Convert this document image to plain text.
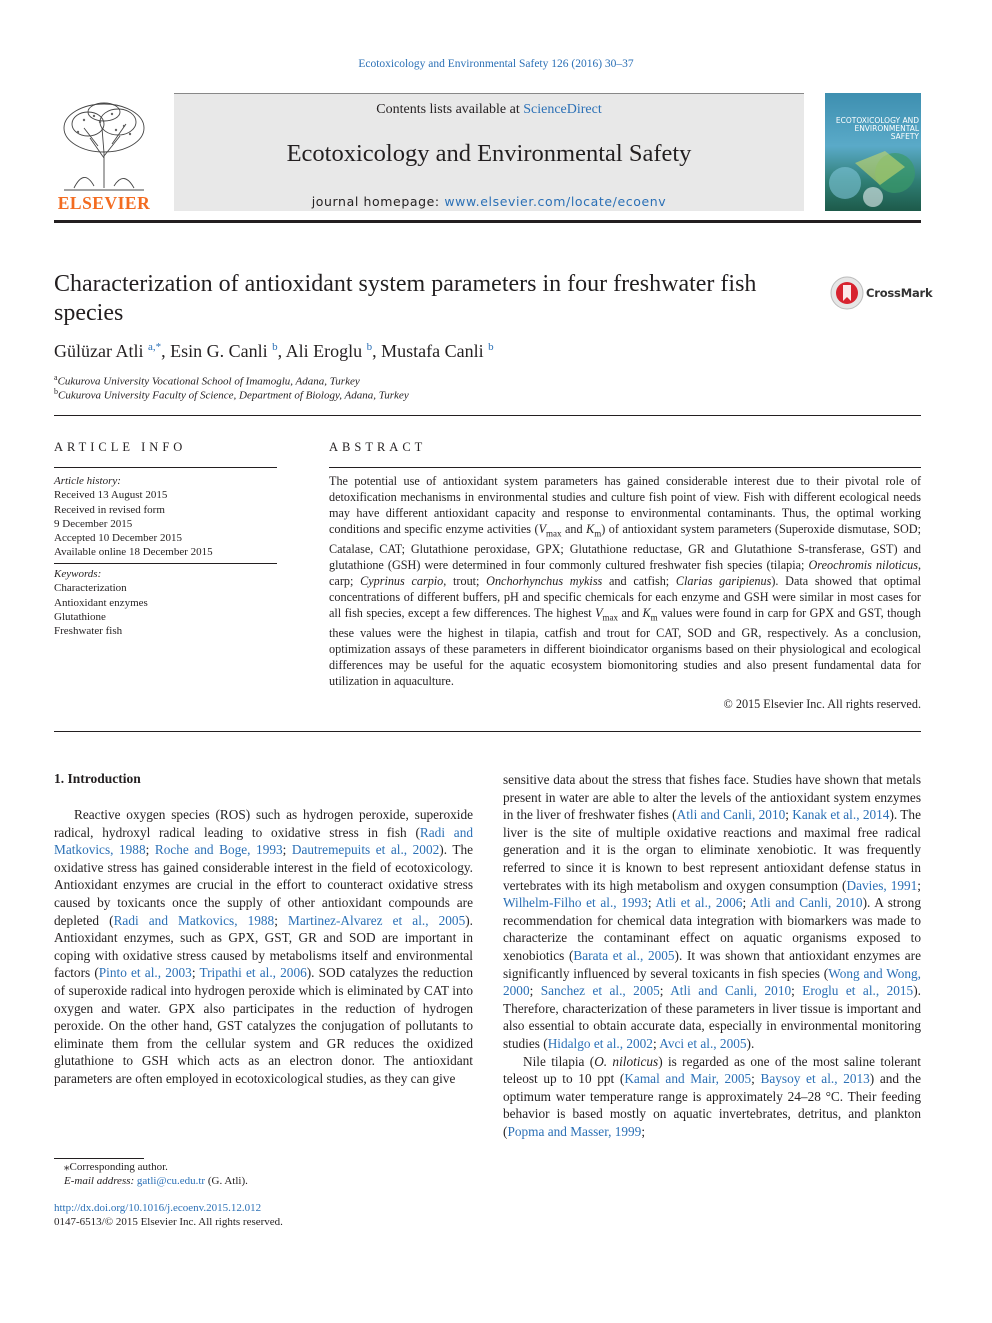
Ecotoxicology and Environmental Safety 126 (2016) 30–37
ELSEVIER
Contents lists available at ScienceDirect
Ecotoxicology and Environmental Safety
journal homepage: www.elsevier.com/locate/ecoenv
ECOTOXICOLOGY AND ENVIRONMENTAL SAFETY
Characterization of antioxidant system parameters in four freshwater fish species
CrossMark
Gülüzar Atli $^{a,*}$, Esin G. Canli $^b$, Ali Eroglu $^b$, Mustafa Canli $^b$
$^a$Cukurova University Vocational School of Imamoglu, Adana, Turkey
$^b$Cukurova University Faculty of Science, Department of Biology, Adana, Turkey
ARTICLE INFO	ABSTRACT
Article history:
Received 13 August 2015
Received in revised form
9 December 2015
Accepted 10 December 2015
Available online 18 December 2015
Keywords:
Characterization
Antioxidant enzymes
Glutathione
Freshwater fish
The potential use of antioxidant system parameters has gained considerable interest due to their pivotal role of detoxification mechanisms in environmental studies and culture fish point of view. Fish with different ecological needs may have different antioxidant capacity and response to environmental contaminants. Thus, the optimal working conditions and specific enzyme activities ($V_{max}$ and $K_m$) of antioxidant system parameters (Superoxide dismutase, SOD; Catalase, CAT; Glutathione peroxidase, GPX; Glutathione reductase, GR and Glutathione S-transferase, GST) and glutathione (GSH) were determined in four commonly cultured freshwater fish species (tilapia; Oreochromis niloticus, carp; Cyprinus carpio, trout; Onchorhynchus mykiss and catfish; Clarias garipienus). Data showed that optimal concentrations of different buffers, pH and specific chemicals for each enzyme and GSH were similar in most cases for all fish species, except a few differences. The highest $V_{max}$ and $K_m$ values were found in carp for GPX and GST, though these values were the highest in tilapia, catfish and trout for CAT, SOD and GR, respectively. As a conclusion, optimization assays of these parameters in different bioindicator organisms based on their physiological and ecological differences may be useful for the aquatic ecosystem biomonitoring studies and also present fundamental data for utilization in aquaculture.
© 2015 Elsevier Inc. All rights reserved.
1. Introduction

Reactive oxygen species (ROS) such as hydrogen peroxide, superoxide radical, hydroxyl radical leading to oxidative stress in fish (Radi and Matkovics, 1988; Roche and Boge, 1993; Dautremepuits et al., 2002). The oxidative stress has gained considerable interest in the field of ecotoxicology. Antioxidant enzymes are crucial in the effort to counteract oxidative stress caused by toxicants once the supply of other antioxidant compounds are depleted (Radi and Matkovics, 1988; Martinez-Alvarez et al., 2005). Antioxidant enzymes, such as GPX, GST, GR and SOD are important in coping with oxidative stress caused by metabolisms itself and environmental factors (Pinto et al., 2003; Tripathi et al., 2006). SOD catalyzes the reduction of superoxide radical into hydrogen peroxide which is eliminated by CAT into oxygen and water. GPX also participates in the reduction of hydrogen peroxide. On the other hand, GST catalyzes the conjugation of pollutants to eliminate them from the cellular system and GR reduces the oxidized glutathione to GSH which acts as an electron donor. The antioxidant parameters are often employed in ecotoxicological studies, as they can give

sensitive data about the stress that fishes face. Studies have shown that metals present in water are able to alter the levels of the antioxidant system enzymes in the liver of freshwater fishes (Atli and Canli, 2010; Kanak et al., 2014). The liver is the site of multiple oxidative reactions and maximal free radical generation and it is the organ to eliminate xenobiotic. It was frequently referred to since it is known to best represent antioxidant defense status in vertebrates with its high metabolism and oxygen consumption (Davies, 1991; Wilhelm-Filho et al., 1993; Atli et al., 2006; Atli and Canli, 2010). A strong recommendation for chemical data integration with biomarkers was made to characterize the contaminant effect on aquatic organisms exposed to xenobiotics (Barata et al., 2005). It was shown that antioxidant enzymes are significantly influenced by several toxicants in fish species (Wong and Wong, 2000; Sanchez et al., 2005; Atli and Canli, 2010; Eroglu et al., 2015). Therefore, characterization of these parameters in liver tissue is important and also essential to obtain accurate data, especially in environmental monitoring studies (Hidalgo et al., 2002; Avci et al., 2005).

Nile tilapia (O. niloticus) is regarded as one of the most saline tolerant teleost up to 10 ppt (Kamal and Mair, 2005; Baysoy et al., 2013) and the optimum water temperature range is approximately 24–28 °C. Their feeding behavior is based mostly on aquatic invertebrates, detritus, and plankton (Popma and Masser, 1999;

⁎Corresponding author.
E-mail address: gatli@cu.edu.tr (G. Atli).
http://dx.doi.org/10.1016/j.ecoenv.2015.12.012
0147-6513/© 2015 Elsevier Inc. All rights reserved.
